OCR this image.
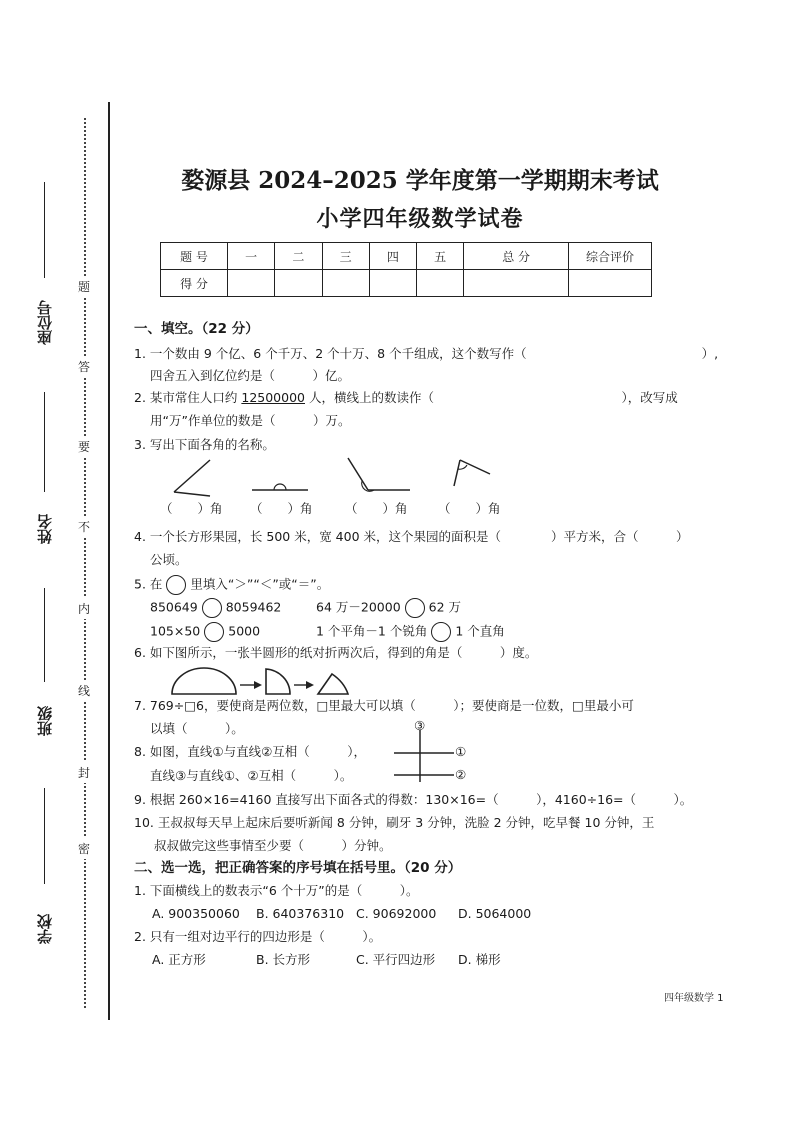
座位号
姓名
班级
学校
题
答
要
不
内
线
封
密
婺源县 2024–2025 学年度第一学期期末考试
小学四年级数学试卷
题 号	一	二	三	四	五	总 分	综合评价
得 分							
一、填空。（22 分）
1. 一个数由 9 个亿、6 个千万、2 个十万、8 个千组成，这个数写作（　　　　　　　　　　　　　　）,
四舍五入到亿位约是（　　　）亿。
2. 某市常住人口约 12500000 人，横线上的数读作（　　　　　　　　　　　　　　　），改写成
用“万”作单位的数是（　　　）万。
3. 写出下面各角的名称。
（　　）角 （　　）角	（　　）角 （　　）角
4. 一个长方形果园，长 500 米，宽 400 米，这个果园的面积是（　　　　）平方米，合（　　　）
公顷。
5. 在 里填入“＞”“＜”或“＝”。
850649 8059462	64 万－20000 62 万
105×50 5000	1 个平角－1 个锐角 1 个直角
6. 如下图所示，一张半圆形的纸对折两次后，得到的角是（　　　）度。
7. 769÷□6，要使商是两位数，□里最大可以填（　　　）；要使商是一位数，□里最小可
以填（　　　）。
8. 如图，直线①与直线②互相（　　　），
直线③与直线①、②互相（　　　）。
③
①
②
9. 根据 260×16=4160 直接写出下面各式的得数：130×16=（　　　），4160÷16=（　　　）。
10. 王叔叔每天早上起床后要听新闻 8 分钟，刷牙 3 分钟，洗脸 2 分钟，吃早餐 10 分钟，王
叔叔做完这些事情至少要（　　　）分钟。
二、选一选，把正确答案的序号填在括号里。（20 分）
1. 下面横线上的数表示“6 个十万”的是（　　　）。
A. 900350060 B. 640376310 C. 90692000 D. 5064000
2. 只有一组对边平行的四边形是（　　　）。
A. 正方形	B. 长方形	C. 平行四边形 D. 梯形
四年级数学 1
